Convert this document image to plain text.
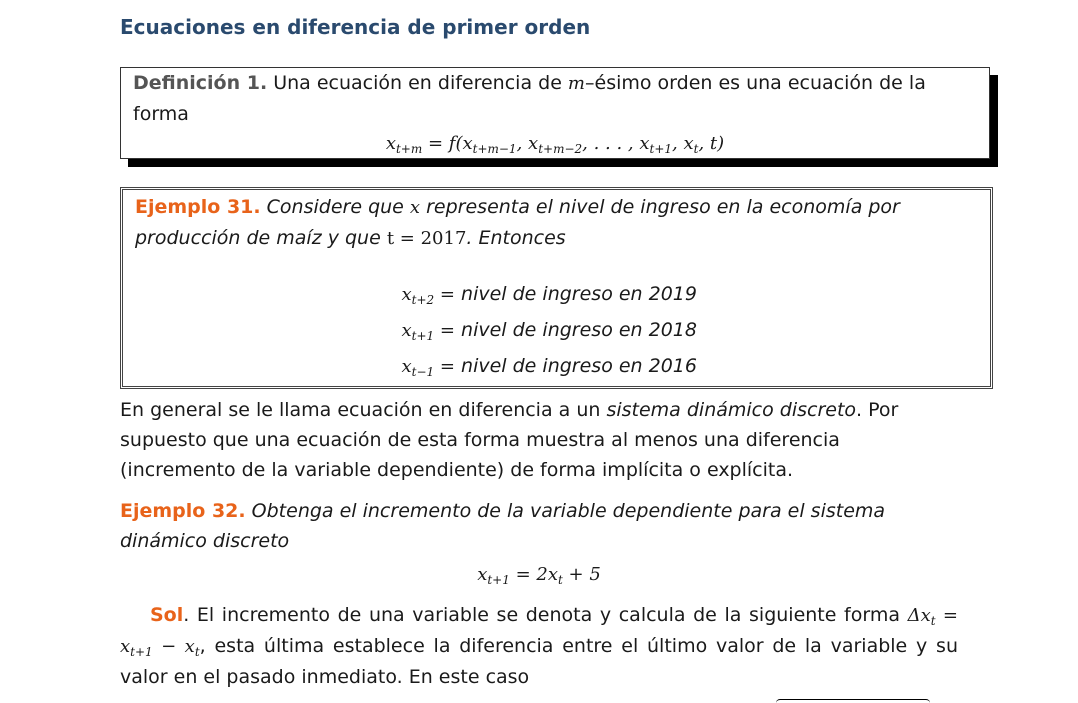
Ecuaciones en diferencia de primer orden

Definición 1. Una ecuación en diferencia de m–ésimo orden es una ecuación de la forma

$x_{t+m} = f(x_{t+m-1}$, $x_{t+m-2}$, . . . , $x_{t+1}$, $x_t$, t)

Ejemplo 31. Considere que x representa el nivel de ingreso en la economía por producción de maíz y que t = 2017. Entonces

$x_{t+2}$ = nivel de ingreso en 2019
$x_{t+1}$ = nivel de ingreso en 2018
$x_{t-1}$ = nivel de ingreso en 2016

En general se le llama ecuación en diferencia a un sistema dinámico discreto. Por supuesto que una ecuación de esta forma muestra al menos una diferencia (incremento de la variable dependiente) de forma implícita o explícita.

Ejemplo 32. Obtenga el incremento de la variable dependiente para el sistema dinámico discreto

$x_{t+1} = 2x_t + 5$

Sol. El incremento de una variable se denota y calcula de la siguiente forma $\Delta x_t = x_{t+1} - x_t$, esta última establece la diferencia entre el último valor de la variable y su valor en el pasado inmediato. En este caso
